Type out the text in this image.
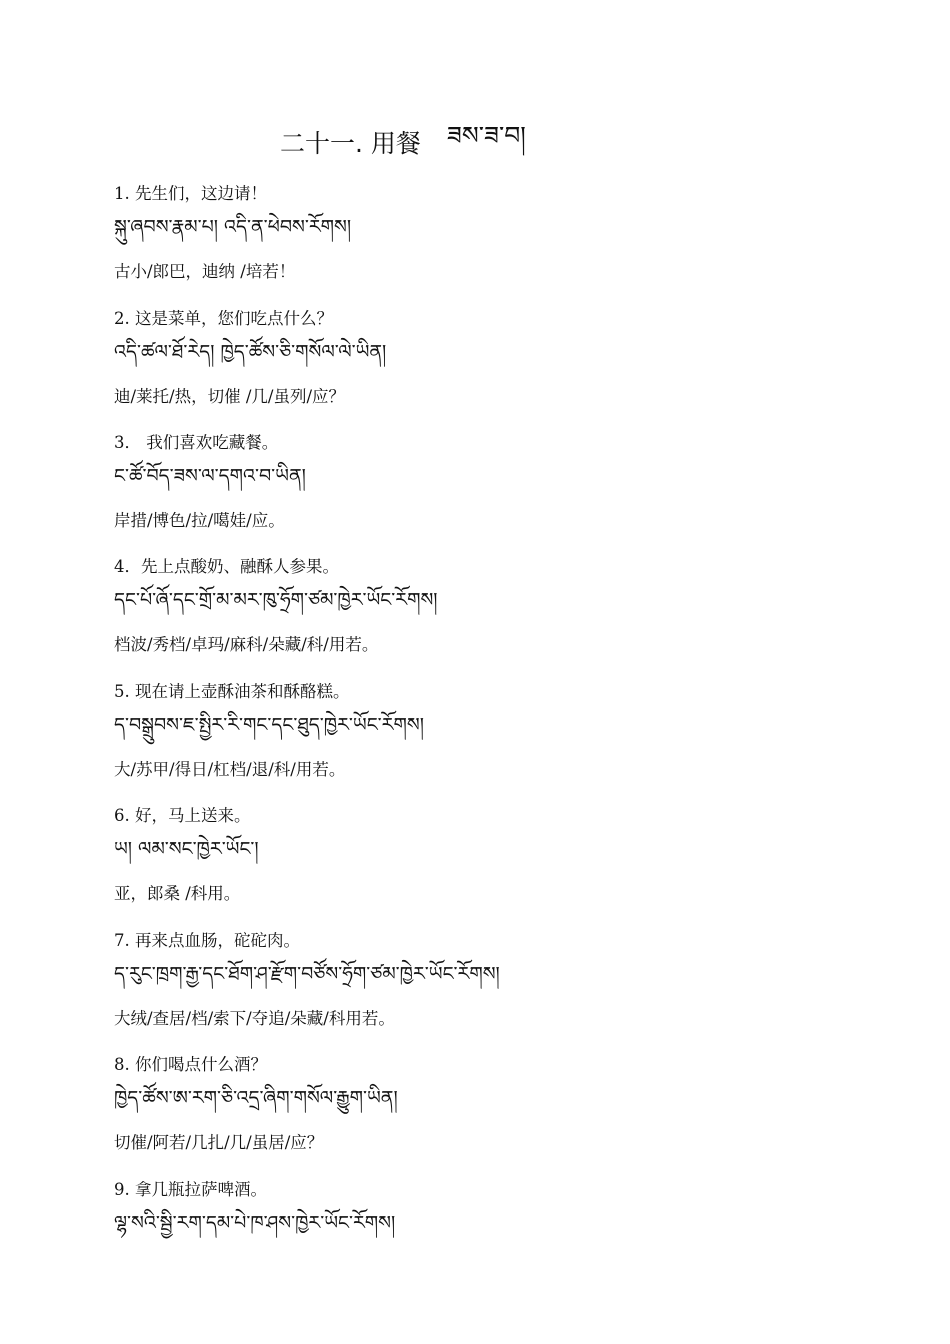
二十一. 用餐 ཟས་ཟ་བ།
1. 先生们，这边请！
སྐུ་ཞབས་རྣམ་པ། འདི་ན་ཕེབས་རོགས།
古小/郎巴，迪纳 /培若！
2. 这是菜单，您们吃点什么？
འདི་ཚལ་ཐོ་རེད། ཁྱེད་ཚོས་ཅི་གསོལ་ལེ་ཡིན།
迪/莱托/热，切催 /几/虽列/应？
3． 我们喜欢吃藏餐。
ང་ཚོ་བོད་ཟས་ལ་དགའ་བ་ཡིན།
岸措/博色/拉/噶娃/应。
4．先上点酸奶、融酥人参果。
དང་པོ་ཞོ་དང་གྲོ་མ་མར་ཁུ་ཧྲོག་ཙམ་ཁྱེར་ཡོང་རོགས།
档波/秀档/卓玛/麻科/朵藏/科/用若。
5. 现在请上壶酥油茶和酥酪糕。
ད་བསྒྲུབས་ཇ་སྤྱིར་རི་གང་དང་ཐུད་ཁྱེར་ཡོང་རོགས།
大/苏甲/得日/杠档/退/科/用若。
6. 好，马上送来。
ཡ། ལམ་སང་ཁྱེར་ཡོང་།
亚，郎桑 /科用。
7. 再来点血肠，砣砣肉。
ད་རུང་ཁྲག་རྒྱ་དང་ཐོག་ཤ་རྫོག་བཙོས་ཧྲོག་ཙམ་ཁྱེར་ཡོང་རོགས།
大绒/查居/档/索下/夺追/朵藏/科用若。
8. 你们喝点什么酒？
ཁྱེད་ཚོས་ཨ་རག་ཅི་འདྲ་ཞིག་གསོལ་རྒྱུག་ཡིན།
切催/阿若/几扎/几/虽居/应？
9. 拿几瓶拉萨啤酒。
ལྷ་སའི་སྦྱི་རག་དམ་པེ་ཁ་ཤས་ཁྱེར་ཡོང་རོགས།
